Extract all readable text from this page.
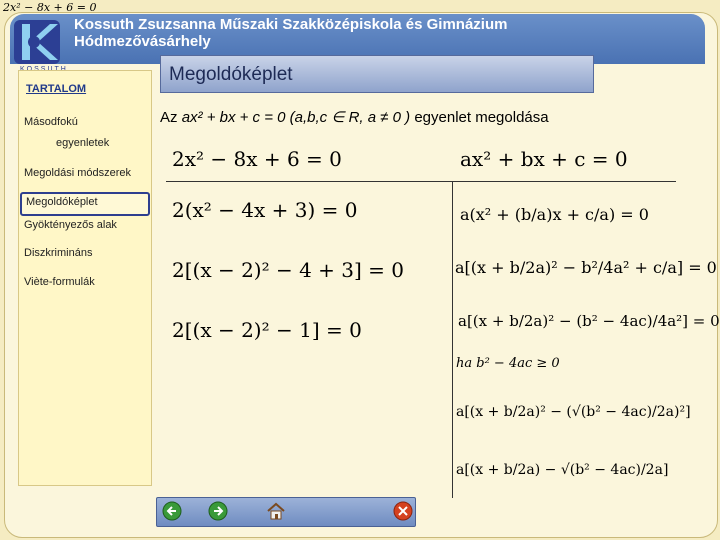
2x² − 8x + 6 = 0
Kossuth Zsuzsanna Műszaki Szakközépiskola és Gimnázium
Hódmezővásárhely
TARTALOM
Másodfokú
egyenletek
Megoldási módszerek
Megoldóképlet
Gyöktényezős alak
Diszkrimináns
Viète-formulák
Megoldóképlet
Az ax² + bx + c = 0 (a,b,c ∈ R, a ≠ 0 ) egyenlet megoldása
2x² − 8x + 6 = 0
2(x² − 4x + 3) = 0
2[(x − 2)² − 4 + 3] = 0
2[(x − 2)² − 1] = 0
ax² + bx + c = 0
a(x² + (b/a)x + c/a) = 0
a[(x + b/2a)² − b²/4a² + c/a] = 0
a[(x + b/2a)² − (b² − 4ac)/4a²] = 0
ha b² − 4ac ≥ 0
a[(x + b/2a)² − (√(b² − 4ac)/2a)²]
a[(x + b/2a) − √(b² − 4ac)/2a]
